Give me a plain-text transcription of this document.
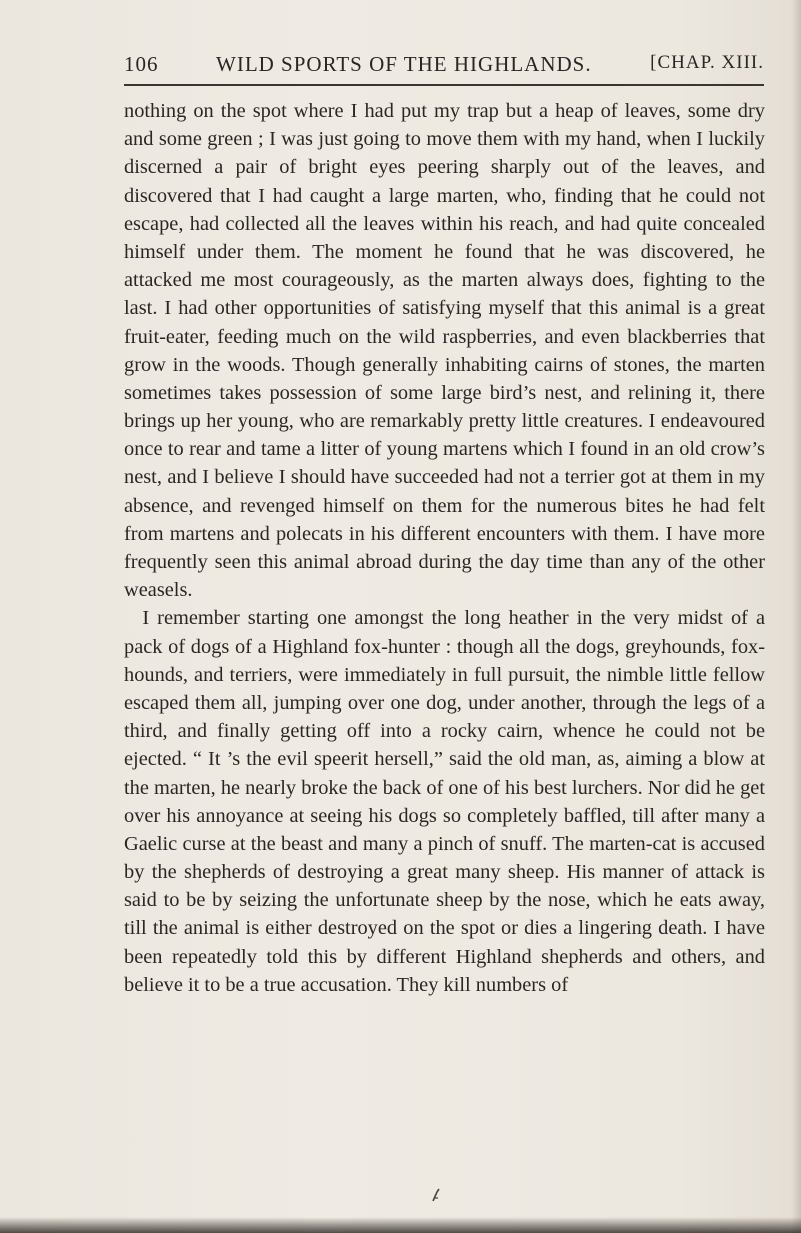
106	WILD SPORTS OF THE HIGHLANDS.	[CHAP. XIII.

nothing on the spot where I had put my trap but a heap of leaves, some dry and some green ; I was just going to move them with my hand, when I luckily discerned a pair of bright eyes peering sharply out of the leaves, and discovered that I had caught a large marten, who, finding that he could not escape, had collected all the leaves within his reach, and had quite concealed himself under them. The moment he found that he was discovered, he attacked me most courageously, as the marten always does, fighting to the last. I had other opportunities of satisfying myself that this animal is a great fruit-eater, feeding much on the wild raspberries, and even blackberries that grow in the woods. Though generally inhabiting cairns of stones, the marten sometimes takes possession of some large bird’s nest, and relining it, there brings up her young, who are remarkably pretty little creatures. I endeavoured once to rear and tame a litter of young martens which I found in an old crow’s nest, and I believe I should have succeeded had not a terrier got at them in my absence, and revenged himself on them for the numerous bites he had felt from martens and polecats in his different encounters with them. I have more frequently seen this animal abroad during the day time than any of the other weasels.

I remember starting one amongst the long heather in the very midst of a pack of dogs of a Highland fox-hunter : though all the dogs, greyhounds, fox-hounds, and terriers, were immediately in full pursuit, the nimble little fellow escaped them all, jumping over one dog, under another, through the legs of a third, and finally getting off into a rocky cairn, whence he could not be ejected. “ It ’s the evil speerit hersell,” said the old man, as, aiming a blow at the marten, he nearly broke the back of one of his best lurchers. Nor did he get over his annoyance at seeing his dogs so completely baffled, till after many a Gaelic curse at the beast and many a pinch of snuff. The marten-cat is accused by the shepherds of destroying a great many sheep. His manner of attack is said to be by seizing the unfortunate sheep by the nose, which he eats away, till the animal is either destroyed on the spot or dies a lingering death. I have been repeatedly told this by different Highland shepherds and others, and believe it to be a true accusation. They kill numbers of
